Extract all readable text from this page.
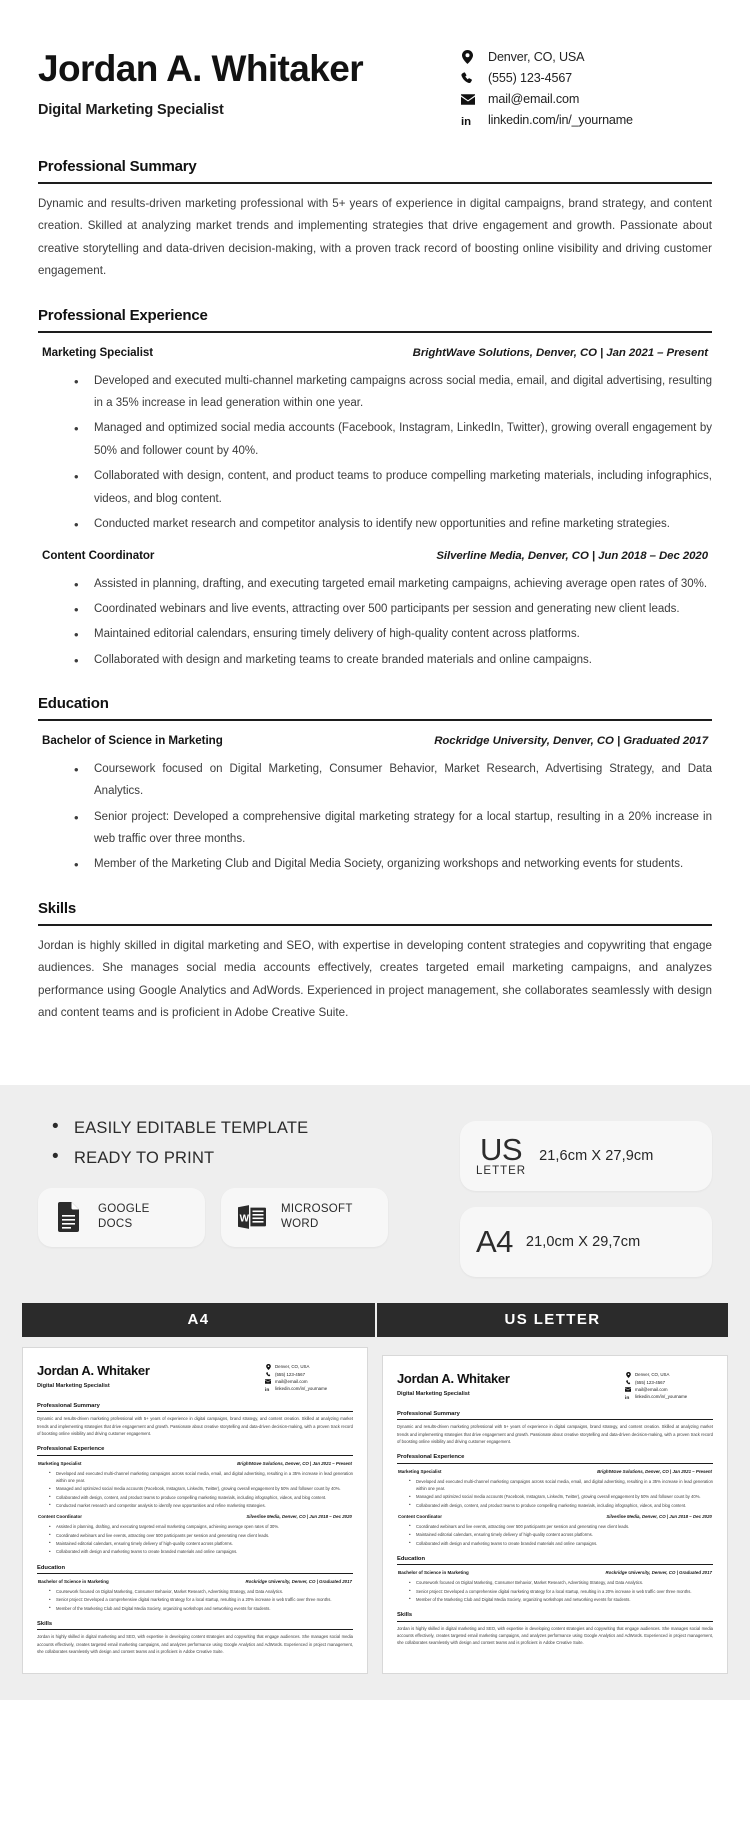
Jordan A. Whitaker
Digital Marketing Specialist
Denver, CO, USA
(555) 123-4567
mail@email.com
in linkedin.com/in/_yourname
Professional Summary
Dynamic and results-driven marketing professional with 5+ years of experience in digital campaigns, brand strategy, and content creation. Skilled at analyzing market trends and implementing strategies that drive engagement and growth. Passionate about creative storytelling and data-driven decision-making, with a proven track record of boosting online visibility and driving customer engagement.
Professional Experience
Marketing Specialist	BrightWave Solutions, Denver, CO | Jan 2021 – Present
• Developed and executed multi-channel marketing campaigns across social media, email, and digital advertising, resulting in a 35% increase in lead generation within one year.
• Managed and optimized social media accounts (Facebook, Instagram, LinkedIn, Twitter), growing overall engagement by 50% and follower count by 40%.
• Collaborated with design, content, and product teams to produce compelling marketing materials, including infographics, videos, and blog content.
• Conducted market research and competitor analysis to identify new opportunities and refine marketing strategies.
Content Coordinator	Silverline Media, Denver, CO | Jun 2018 – Dec 2020
• Assisted in planning, drafting, and executing targeted email marketing campaigns, achieving average open rates of 30%.
• Coordinated webinars and live events, attracting over 500 participants per session and generating new client leads.
• Maintained editorial calendars, ensuring timely delivery of high-quality content across platforms.
• Collaborated with design and marketing teams to create branded materials and online campaigns.
Education
Bachelor of Science in Marketing	Rockridge University, Denver, CO | Graduated 2017
• Coursework focused on Digital Marketing, Consumer Behavior, Market Research, Advertising Strategy, and Data Analytics.
• Senior project: Developed a comprehensive digital marketing strategy for a local startup, resulting in a 20% increase in web traffic over three months.
• Member of the Marketing Club and Digital Media Society, organizing workshops and networking events for students.
Skills
Jordan is highly skilled in digital marketing and SEO, with expertise in developing content strategies and copywriting that engage audiences. She manages social media accounts effectively, creates targeted email marketing campaigns, and analyzes performance using Google Analytics and AdWords. Experienced in project management, she collaborates seamlessly with design and content teams and is proficient in Adobe Creative Suite.
• EASILY EDITABLE TEMPLATE
• READY TO PRINT
GOOGLE
DOCS	W
MICROSOFT
WORD
US
LETTER
21,6cm X 27,9cm
A4 21,0cm X 29,7cm
A4	US LETTER
Jordan A. Whitaker
Digital Marketing Specialist
Denver, CO, USA
(555) 123-4567
mail@email.com
in linkedin.com/in/_yourname
Professional Summary
Dynamic and results-driven marketing professional with 5+ years of experience in digital campaigns, brand strategy, and content creation. Skilled at analyzing market trends and implementing strategies that drive engagement and growth. Passionate about creative storytelling and data-driven decision-making, with a proven track record of boosting online visibility and driving customer engagement.
Professional Experience
Marketing Specialist	BrightWave Solutions, Denver, CO | Jan 2021 – Present
• Developed and executed multi-channel marketing campaigns across social media, email, and digital advertising, resulting in a 35% increase in lead generation within one year.
• Managed and optimized social media accounts (Facebook, Instagram, LinkedIn, Twitter), growing overall engagement by 50% and follower count by 40%.
• Collaborated with design, content, and product teams to produce compelling marketing materials, including infographics, videos, and blog content.
• Conducted market research and competitor analysis to identify new opportunities and refine marketing strategies.
Content Coordinator	Silverline Media, Denver, CO | Jun 2018 – Dec 2020
• Assisted in planning, drafting, and executing targeted email marketing campaigns, achieving average open rates of 30%.
• Coordinated webinars and live events, attracting over 500 participants per session and generating new client leads.
• Maintained editorial calendars, ensuring timely delivery of high-quality content across platforms.
• Collaborated with design and marketing teams to create branded materials and online campaigns.
Education
Bachelor of Science in Marketing	Rockridge University, Denver, CO | Graduated 2017
• Coursework focused on Digital Marketing, Consumer Behavior, Market Research, Advertising Strategy, and Data Analytics.
• Senior project: Developed a comprehensive digital marketing strategy for a local startup, resulting in a 20% increase in web traffic over three months.
• Member of the Marketing Club and Digital Media Society, organizing workshops and networking events for students.
Skills
Jordan is highly skilled in digital marketing and SEO, with expertise in developing content strategies and copywriting that engage audiences. She manages social media accounts effectively, creates targeted email marketing campaigns, and analyzes performance using Google Analytics and AdWords. Experienced in project management, she collaborates seamlessly with design and content teams and is proficient in Adobe Creative Suite.
Jordan A. Whitaker
Digital Marketing Specialist
Denver, CO, USA
(555) 123-4567
mail@email.com
in linkedin.com/in/_yourname
Professional Summary
Dynamic and results-driven marketing professional with 5+ years of experience in digital campaigns, brand strategy, and content creation. Skilled at analyzing market trends and implementing strategies that drive engagement and growth. Passionate about creative storytelling and data-driven decision-making, with a proven track record of boosting online visibility and driving customer engagement.
Professional Experience
Marketing Specialist	BrightWave Solutions, Denver, CO | Jan 2021 – Present
• Developed and executed multi-channel marketing campaigns across social media, email, and digital advertising, resulting in a 35% increase in lead generation within one year.
• Managed and optimized social media accounts (Facebook, Instagram, LinkedIn, Twitter), growing overall engagement by 50% and follower count by 40%.
• Collaborated with design, content, and product teams to produce compelling marketing materials, including infographics, videos, and blog content.
Content Coordinator	Silverline Media, Denver, CO | Jun 2018 – Dec 2020
• Coordinated webinars and live events, attracting over 500 participants per session and generating new client leads.
• Maintained editorial calendars, ensuring timely delivery of high-quality content across platforms.
• Collaborated with design and marketing teams to create branded materials and online campaigns.
Education
Bachelor of Science in Marketing	Rockridge University, Denver, CO | Graduated 2017
• Coursework focused on Digital Marketing, Consumer Behavior, Market Research, Advertising Strategy, and Data Analytics.
• Senior project: Developed a comprehensive digital marketing strategy for a local startup, resulting in a 20% increase in web traffic over three months.
• Member of the Marketing Club and Digital Media Society, organizing workshops and networking events for students.
Skills
Jordan is highly skilled in digital marketing and SEO, with expertise in developing content strategies and copywriting that engage audiences. She manages social media accounts effectively, creates targeted email marketing campaigns, and analyzes performance using Google Analytics and AdWords. Experienced in project management, she collaborates seamlessly with design and content teams and is proficient in Adobe Creative Suite.
